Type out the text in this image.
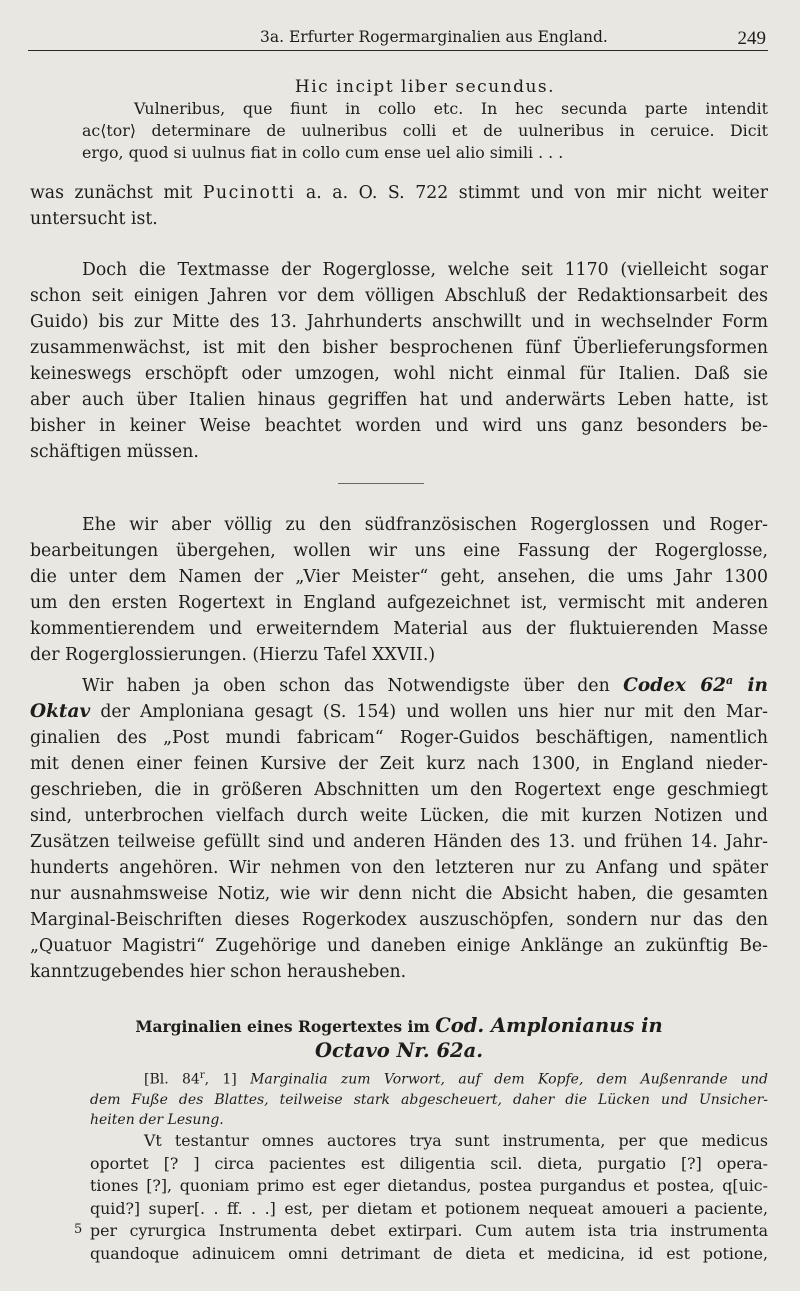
3a. Erfurter Rogermarginalien aus England.	249
Hic incipt liber secundus.
Vulneribus, que fiunt in collo etc. In hec secunda parte intendit
ac⟨tor⟩ determinare de uulneribus colli et de uulneribus in ceruice. Dicit
ergo, quod si uulnus fiat in collo cum ense uel alio simili . . .
was zunächst mit Pucinotti a. a. O. S. 722 stimmt und von mir nicht weiter
untersucht ist.
Doch die Textmasse der Rogerglosse, welche seit 1170 (vielleicht sogar
schon seit einigen Jahren vor dem völligen Abschluß der Redaktionsarbeit des
Guido) bis zur Mitte des 13. Jahrhunderts anschwillt und in wechselnder Form
zusammenwächst, ist mit den bisher besprochenen fünf Überlieferungsformen
keineswegs erschöpft oder umzogen, wohl nicht einmal für Italien. Daß sie
aber auch über Italien hinaus gegriffen hat und anderwärts Leben hatte, ist
bisher in keiner Weise beachtet worden und wird uns ganz besonders be-
schäftigen müssen.
Ehe wir aber völlig zu den südfranzösischen Rogerglossen und Roger-
bearbeitungen übergehen, wollen wir uns eine Fassung der Rogerglosse,
die unter dem Namen der „Vier Meister“ geht, ansehen, die ums Jahr 1300
um den ersten Rogertext in England aufgezeichnet ist, vermischt mit anderen
kommentierendem und erweiterndem Material aus der fluktuierenden Masse
der Rogerglossierungen. (Hierzu Tafel XXVII.)
Wir haben ja oben schon das Notwendigste über den Codex 62$^a$ in
Oktav der Amploniana gesagt (S. 154) und wollen uns hier nur mit den Mar-
ginalien des „Post mundi fabricam“ Roger-Guidos beschäftigen, namentlich
mit denen einer feinen Kursive der Zeit kurz nach 1300, in England nieder-
geschrieben, die in größeren Abschnitten um den Rogertext enge geschmiegt
sind, unterbrochen vielfach durch weite Lücken, die mit kurzen Notizen und
Zusätzen teilweise gefüllt sind und anderen Händen des 13. und frühen 14. Jahr-
hunderts angehören. Wir nehmen von den letzteren nur zu Anfang und später
nur ausnahmsweise Notiz, wie wir denn nicht die Absicht haben, die gesamten
Marginal-Beischriften dieses Rogerkodex auszuschöpfen, sondern nur das den
„Quatuor Magistri“ Zugehörige und daneben einige Anklänge an zukünftig Be-
kanntzugebendes hier schon herausheben.
Marginalien eines Rogertextes im Cod. Amplonianus in
Octavo Nr. 62a.
[Bl. 84$^r$, 1] Marginalia zum Vorwort, auf dem Kopfe, dem Außenrande und
dem Fuße des Blattes, teilweise stark abgescheuert, daher die Lücken und Unsicher-
heiten der Lesung.
Vt testantur omnes auctores trya sunt instrumenta, per que medicus
oportet [? ] circa pacientes est diligentia scil. dieta, purgatio [?] opera-
tiones [?], quoniam primo est eger dietandus, postea purgandus et postea, q[uic-
quid?] super[. . ff. . .] est, per dietam et potionem nequeat amoueri a paciente,
per cyrurgica Instrumenta debet extirpari. Cum autem ista tria instrumenta
quandoque adinuicem omni detrimant de dieta et medicina, id est potione,
5
